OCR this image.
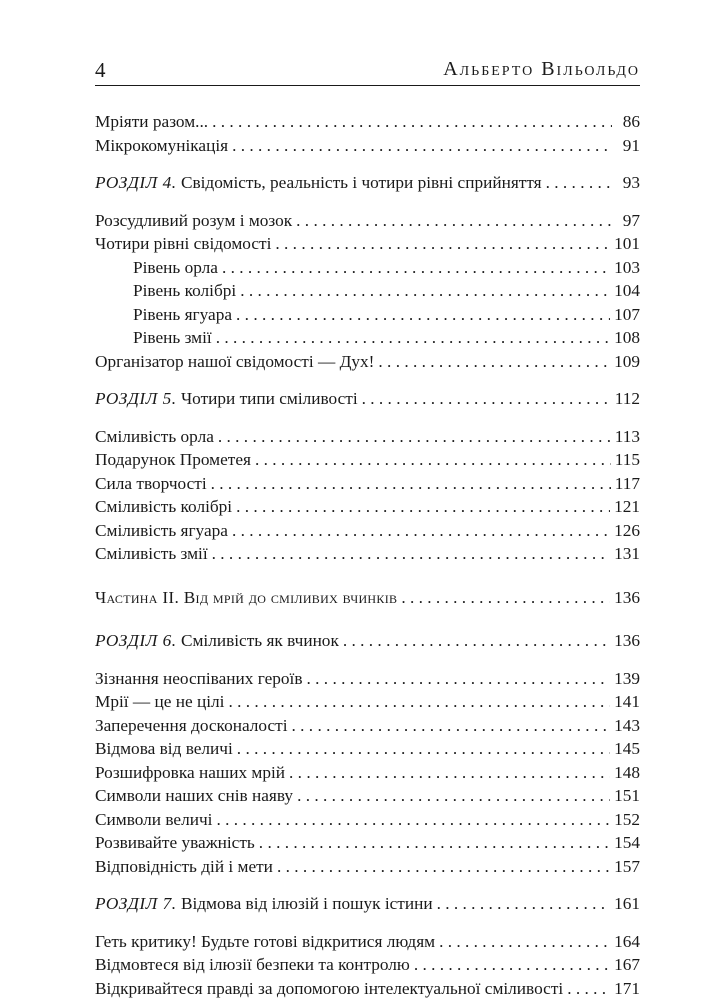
4	Альберто Вільольдо
Мріяти разом... . . .	86
Мікрокомунікація . . .	91
РОЗДІЛ 4. Свідомість, реальність і чотири рівні сприйняття . . .	93
Розсудливий розум і мозок . . .	97
Чотири рівні свідомості . . .	101
Рівень орла . . .	103
Рівень колібрі . . .	104
Рівень ягуара . . .	107
Рівень змії . . .	108
Організатор нашої свідомості — Дух! . . .	109
РОЗДІЛ 5. Чотири типи сміливості . . .	112
Сміливість орла . . .	113
Подарунок Прометея . . .	115
Сила творчості . . .	117
Сміливість колібрі . . .	121
Сміливість ягуара . . .	126
Сміливість змії . . .	131
Частина II. Від мрій до сміливих вчинків . . .	136
РОЗДІЛ 6. Сміливість як вчинок . . .	136
Зізнання неоспіваних героїв . . .	139
Мрії — це не цілі . . .	141
Заперечення досконалості . . .	143
Відмова від величі . . .	145
Розшифровка наших мрій . . .	148
Символи наших снів наяву . . .	151
Символи величі . . .	152
Розвивайте уважність . . .	154
Відповідність дій і мети . . .	157
РОЗДІЛ 7. Відмова від ілюзій і пошук істини . . .	161
Геть критику! Будьте готові відкритися людям . . .	164
Відмовтеся від ілюзії безпеки та контролю . . .	167
Відкривайтеся правді за допомогою інтелектуальної сміливості . . .	171
